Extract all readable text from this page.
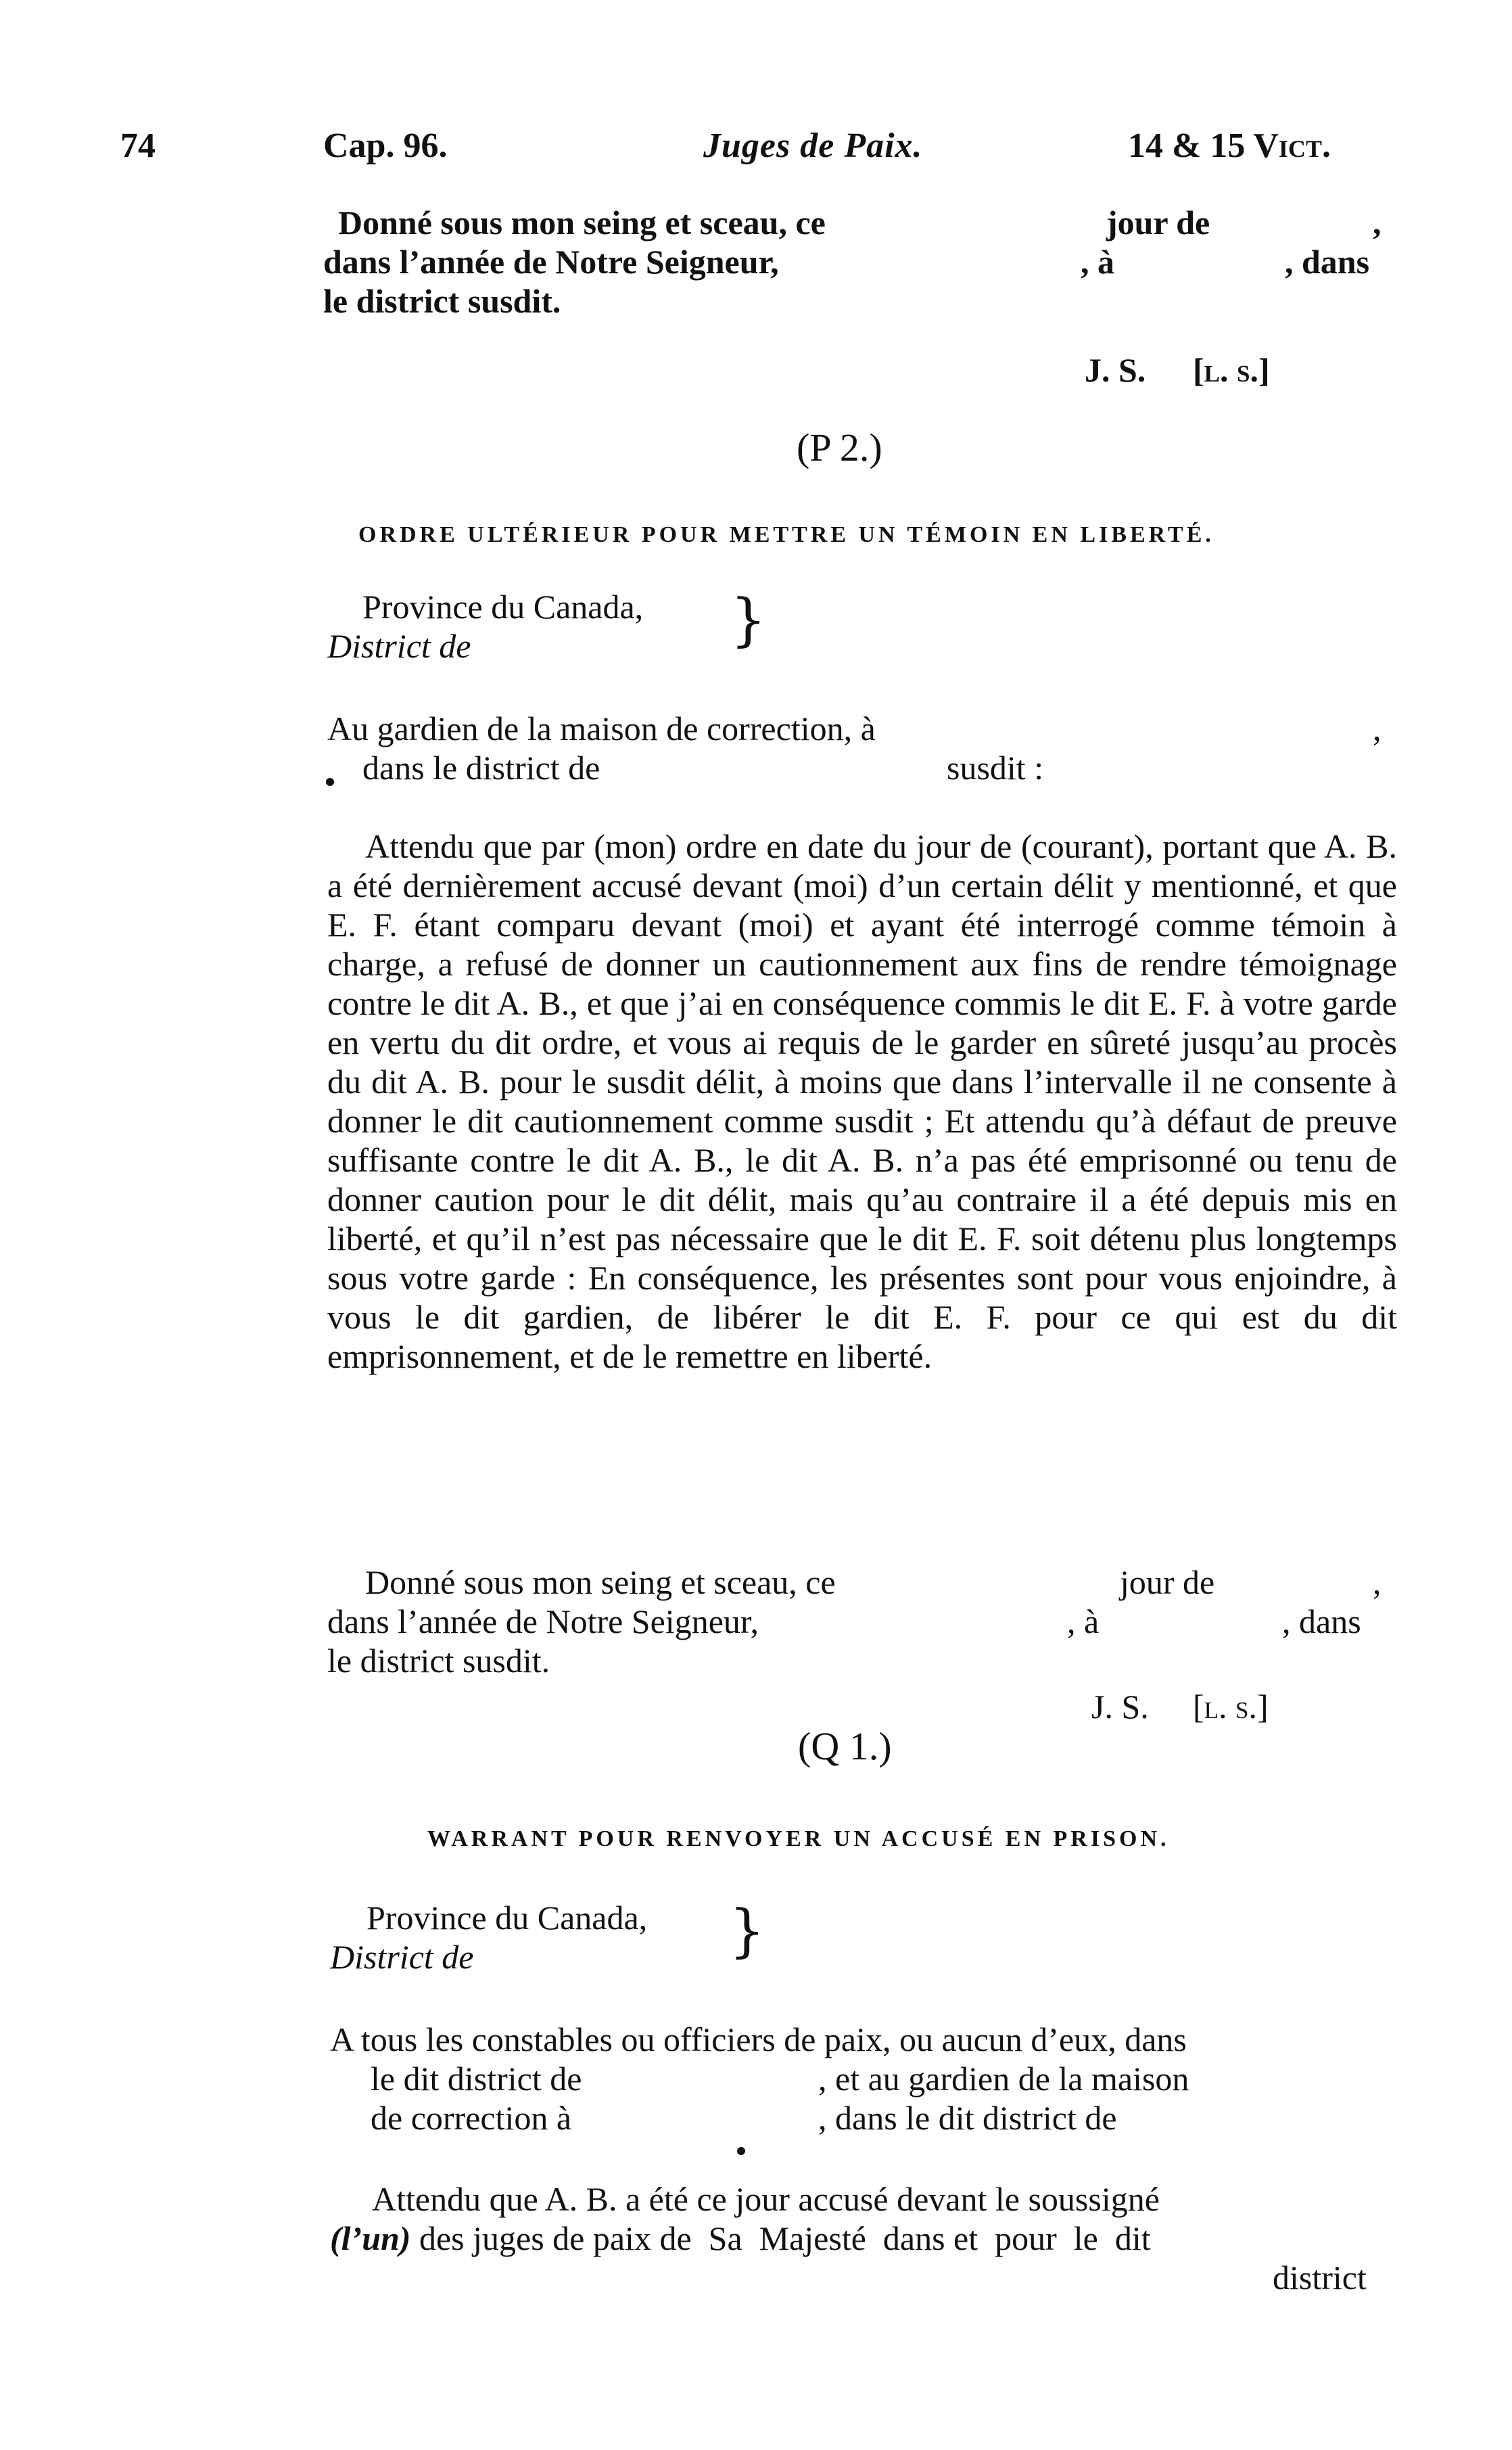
74	Cap. 96.	Juges de Paix.	14 & 15 Vict.
Donné sous mon seing et sceau, ce	jour de	,
dans l’année de Notre Seigneur,	, à	, dans
le district susdit.
J. S. [l. s.]
(P 2.)
ORDRE ULTÉRIEUR POUR METTRE UN TÉMOIN EN LIBERTÉ.
Province du Canada,
District de	}
Au gardien de la maison de correction, à	,
dans le district de	susdit :
Attendu que par (mon) ordre en date du jour de (courant), portant que A. B. a été dernièrement accusé devant (moi) d’un certain délit y mentionné, et que E. F. étant comparu devant (moi) et ayant été interrogé comme témoin à charge, a refusé de donner un cautionnement aux fins de rendre témoignage contre le dit A. B., et que j’ai en conséquence commis le dit E. F. à votre garde en vertu du dit ordre, et vous ai requis de le garder en sûreté jusqu’au procès du dit A. B. pour le susdit délit, à moins que dans l’intervalle il ne consente à donner le dit cautionnement comme susdit ; Et attendu qu’à défaut de preuve suffisante contre le dit A. B., le dit A. B. n’a pas été emprisonné ou tenu de donner caution pour le dit délit, mais qu’au contraire il a été depuis mis en liberté, et qu’il n’est pas nécessaire que le dit E. F. soit détenu plus longtemps sous votre garde : En conséquence, les présentes sont pour vous enjoindre, à vous le dit gardien, de libérer le dit E. F. pour ce qui est du dit emprisonnement, et de le remettre en liberté.
Donné sous mon seing et sceau, ce	jour de	,
dans l’année de Notre Seigneur,	, à	, dans
le district susdit.
J. S. [l. s.]
(Q 1.)
WARRANT POUR RENVOYER UN ACCUSÉ EN PRISON.
Province du Canada,
District de	}
A tous les constables ou officiers de paix, ou aucun d’eux, dans
le dit district de	, et au gardien de la maison
de correction à	, dans le dit district de
Attendu que A. B. a été ce jour accusé devant le soussigné
(l’un) des juges de paix de  Sa  Majesté  dans et  pour  le  dit
district
